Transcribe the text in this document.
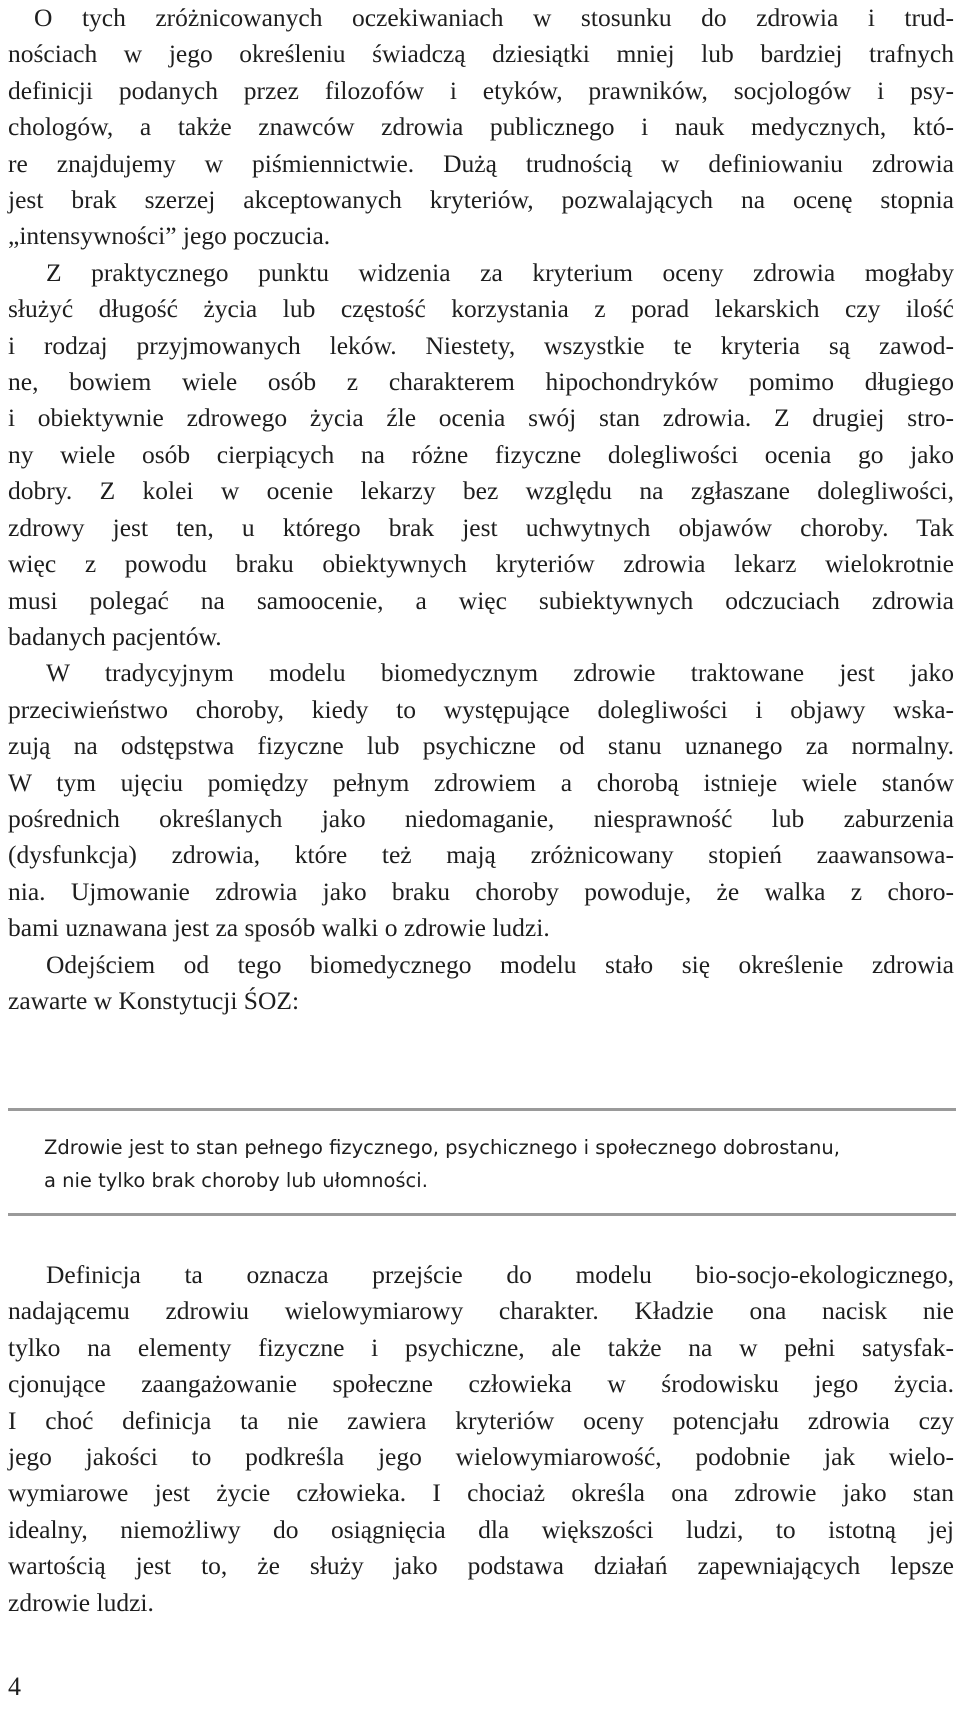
O tych zróżnicowanych oczekiwaniach w stosunku do zdrowia i trud-
nościach w jego określeniu świadczą dziesiątki mniej lub bardziej trafnych
definicji podanych przez filozofów i etyków, prawników, socjologów i psy-
chologów, a także znawców zdrowia publicznego i nauk medycznych, któ-
re znajdujemy w piśmiennictwie. Dużą trudnością w definiowaniu zdrowia
jest brak szerzej akceptowanych kryteriów, pozwalających na ocenę stopnia
„intensywności” jego poczucia.
Z praktycznego punktu widzenia za kryterium oceny zdrowia mogłaby
służyć długość życia lub częstość korzystania z porad lekarskich czy ilość
i rodzaj przyjmowanych leków. Niestety, wszystkie te kryteria są zawod-
ne, bowiem wiele osób z charakterem hipochondryków pomimo długiego
i obiektywnie zdrowego życia źle ocenia swój stan zdrowia. Z drugiej stro-
ny wiele osób cierpiących na różne fizyczne dolegliwości ocenia go jako
dobry. Z kolei w ocenie lekarzy bez względu na zgłaszane dolegliwości,
zdrowy jest ten, u którego brak jest uchwytnych objawów choroby. Tak
więc z powodu braku obiektywnych kryteriów zdrowia lekarz wielokrotnie
musi polegać na samoocenie, a więc subiektywnych odczuciach zdrowia
badanych pacjentów.
W tradycyjnym modelu biomedycznym zdrowie traktowane jest jako
przeciwieństwo choroby, kiedy to występujące dolegliwości i objawy wska-
zują na odstępstwa fizyczne lub psychiczne od stanu uznanego za normalny.
W tym ujęciu pomiędzy pełnym zdrowiem a chorobą istnieje wiele stanów
pośrednich określanych jako niedomaganie, niesprawność lub zaburzenia
(dysfunkcja) zdrowia, które też mają zróżnicowany stopień zaawansowa-
nia. Ujmowanie zdrowia jako braku choroby powoduje, że walka z choro-
bami uznawana jest za sposób walki o zdrowie ludzi.
Odejściem od tego biomedycznego modelu stało się określenie zdrowia
zawarte w Konstytucji ŚOZ:
Zdrowie jest to stan pełnego fizycznego, psychicznego i społecznego dobrostanu,
a nie tylko brak choroby lub ułomności.
Definicja ta oznacza przejście do modelu bio-socjo-ekologicznego,
nadającemu zdrowiu wielowymiarowy charakter. Kładzie ona nacisk nie
tylko na elementy fizyczne i psychiczne, ale także na w pełni satysfak-
cjonujące zaangażowanie społeczne człowieka w środowisku jego życia.
I choć definicja ta nie zawiera kryteriów oceny potencjału zdrowia czy
jego jakości to podkreśla jego wielowymiarowość, podobnie jak wielo-
wymiarowe jest życie człowieka. I chociaż określa ona zdrowie jako stan
idealny, niemożliwy do osiągnięcia dla większości ludzi, to istotną jej
wartością jest to, że służy jako podstawa działań zapewniających lepsze
zdrowie ludzi.
4
